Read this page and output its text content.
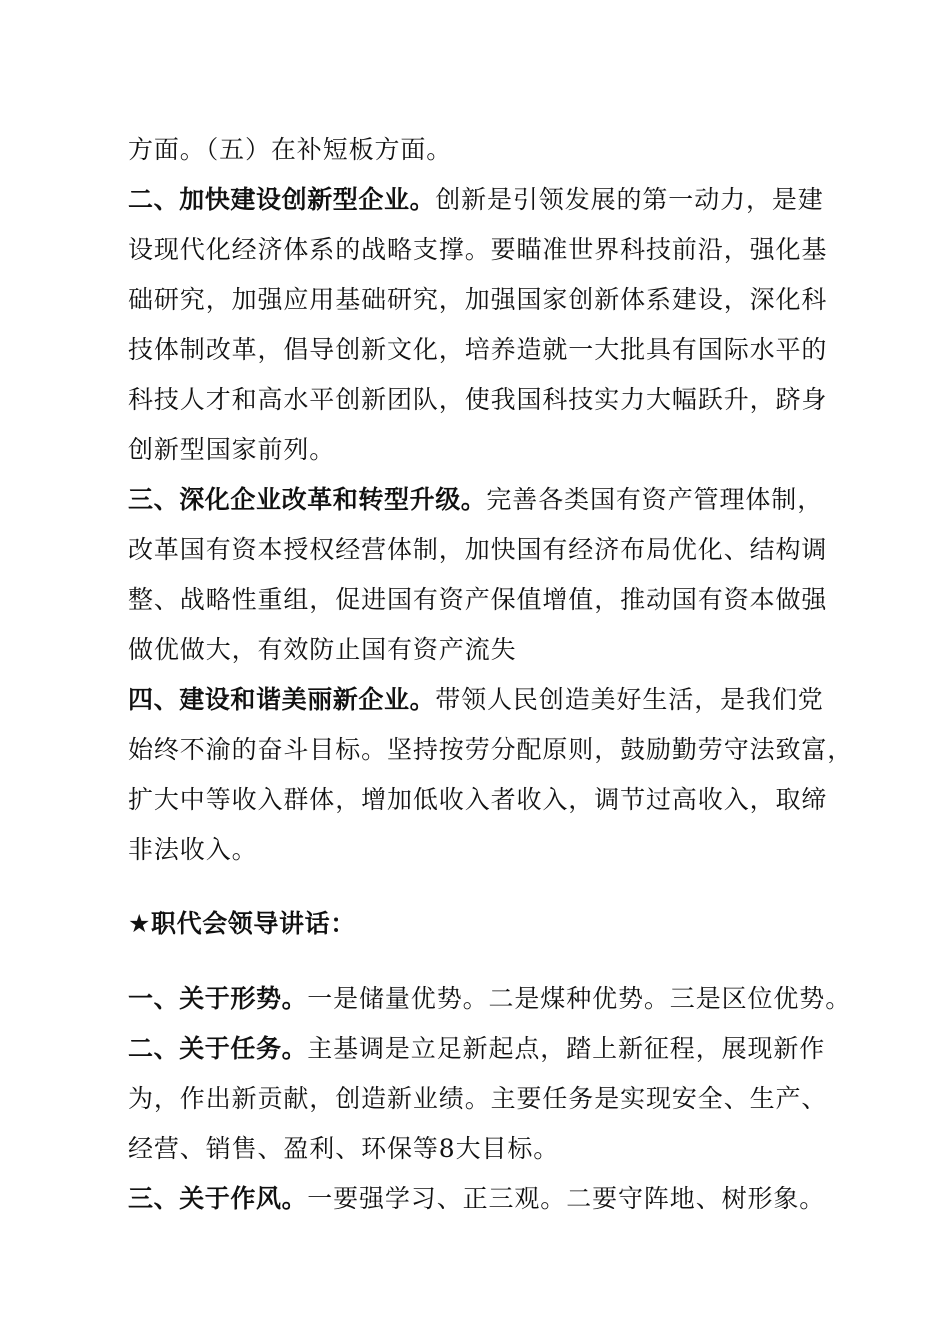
方面。（五）在补短板方面。
二、加快建设创新型企业。创新是引领发展的第一动力，是建
设现代化经济体系的战略支撑。要瞄准世界科技前沿，强化基
础研究，加强应用基础研究，加强国家创新体系建设，深化科
技体制改革，倡导创新文化，培养造就一大批具有国际水平的
科技人才和高水平创新团队，使我国科技实力大幅跃升，跻身
创新型国家前列。
三、深化企业改革和转型升级。完善各类国有资产管理体制，
改革国有资本授权经营体制，加快国有经济布局优化、结构调
整、战略性重组，促进国有资产保值增值，推动国有资本做强
做优做大，有效防止国有资产流失
四、建设和谐美丽新企业。带领人民创造美好生活，是我们党
始终不渝的奋斗目标。坚持按劳分配原则，鼓励勤劳守法致富，
扩大中等收入群体，增加低收入者收入，调节过高收入，取缔
非法收入。
★职代会领导讲话：
一、关于形势。一是储量优势。二是煤种优势。三是区位优势。
二、关于任务。主基调是立足新起点，踏上新征程，展现新作
为，作出新贡献，创造新业绩。主要任务是实现安全、生产、
经营、销售、盈利、环保等8大目标。
三、关于作风。一要强学习、正三观。二要守阵地、树形象。
